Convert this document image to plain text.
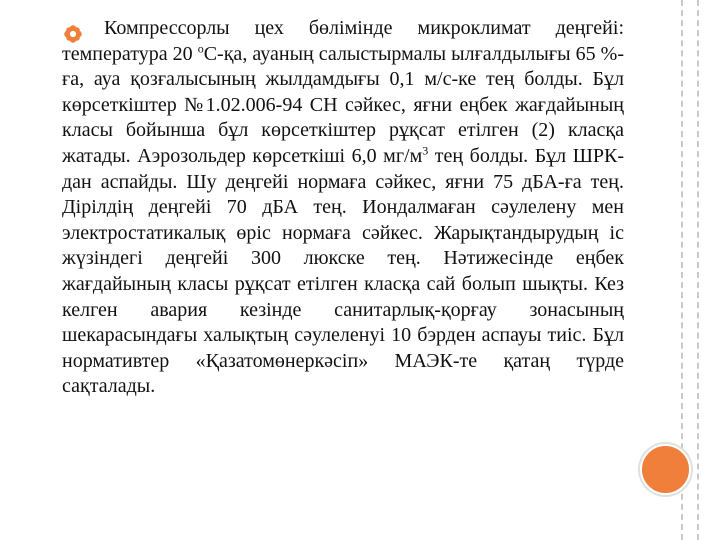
Компрессорлы цех бөлімінде микроклимат деңгейі: температура 20 $^о$С-қа, ауаның салыстырмалы ылғалдылығы 65 %-ға, ауа қозғалысының жылдамдығы 0,1 м/с-ке тең болды. Бұл көрсеткіштер №1.02.006-94 СН сәйкес, яғни еңбек жағдайының класы бойынша бұл көрсеткіштер рұқсат етілген (2) класқа жатады. Аэрозольдер көрсеткіші 6,0 $мг/м^3$ тең болды. Бұл ШРК-дан аспайды. Шу деңгейі нормаға сәйкес, яғни 75 дБА-ға тең. Дірілдің деңгейі 70 дБА тең. Иондалмаған сәулелену мен электростатикалық өріс нормаға сәйкес. Жарықтандырудың іс жүзіндегі деңгейі 300 люкске тең. Нәтижесінде еңбек жағдайының класы рұқсат етілген класқа сай болып шықты. Кез келген авария кезінде санитарлық-қорғау зонасының шекарасындағы халықтың сәулеленуі 10 бэрден аспауы тиіс. Бұл нормативтер «Қазатомөнеркәсіп» МАЭК-те қатаң түрде сақталады.
